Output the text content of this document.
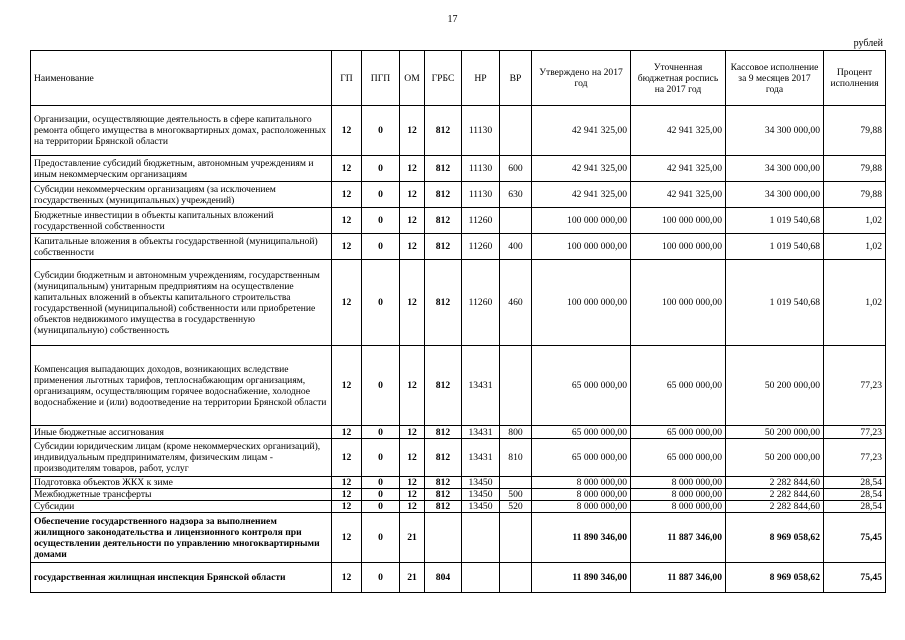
17
рублей
Наименование	ГП	ПГП	ОМ	ГРБС	НР	ВР	Утверждено на 2017 год	Уточненная бюджетная роспись на 2017 год	Кассовое исполнение за 9 месяцев 2017 года	Процент исполнения
Организации, осуществляющие деятельность в сфере капитального ремонта общего имущества в многоквартирных домах, расположенных на территории Брянской области	12	0	12	812	11130		42 941 325,00	42 941 325,00	34 300 000,00	79,88
Предоставление субсидий бюджетным, автономным учреждениям и иным некоммерческим организациям	12	0	12	812	11130	600	42 941 325,00	42 941 325,00	34 300 000,00	79,88
Субсидии некоммерческим организациям (за исключением государственных (муниципальных) учреждений)	12	0	12	812	11130	630	42 941 325,00	42 941 325,00	34 300 000,00	79,88
Бюджетные инвестиции в объекты капитальных вложений государственной собственности	12	0	12	812	11260		100 000 000,00	100 000 000,00	1 019 540,68	1,02
Капитальные вложения в объекты государственной (муниципальной) собственности	12	0	12	812	11260	400	100 000 000,00	100 000 000,00	1 019 540,68	1,02
Субсидии бюджетным и автономным учреждениям, государственным (муниципальным) унитарным предприятиям на осуществление капитальных вложений в объекты капитального строительства государственной (муниципальной) собственности или приобретение объектов недвижимого имущества в государственную (муниципальную) собственность	12	0	12	812	11260	460	100 000 000,00	100 000 000,00	1 019 540,68	1,02
Компенсация выпадающих доходов, возникающих вследствие применения льготных тарифов, теплоснабжающим организациям, организациям, осуществляющим горячее водоснабжение, холодное водоснабжение и (или) водоотведение на территории Брянской области	12	0	12	812	13431		65 000 000,00	65 000 000,00	50 200 000,00	77,23
Иные бюджетные ассигнования	12	0	12	812	13431	800	65 000 000,00	65 000 000,00	50 200 000,00	77,23
Субсидии юридическим лицам (кроме некоммерческих организаций), индивидуальным предпринимателям, физическим лицам - производителям товаров, работ, услуг	12	0	12	812	13431	810	65 000 000,00	65 000 000,00	50 200 000,00	77,23
Подготовка объектов ЖКХ к зиме	12	0	12	812	13450		8 000 000,00	8 000 000,00	2 282 844,60	28,54
Межбюджетные трансферты	12	0	12	812	13450	500	8 000 000,00	8 000 000,00	2 282 844,60	28,54
Субсидии	12	0	12	812	13450	520	8 000 000,00	8 000 000,00	2 282 844,60	28,54
Обеспечение государственного надзора за выполнением жилищного законодательства и лицензионного контроля при осуществлении деятельности по управлению многоквартирными домами	12	0	21				11 890 346,00	11 887 346,00	8 969 058,62	75,45
государственная жилищная инспекция Брянской области	12	0	21	804			11 890 346,00	11 887 346,00	8 969 058,62	75,45
